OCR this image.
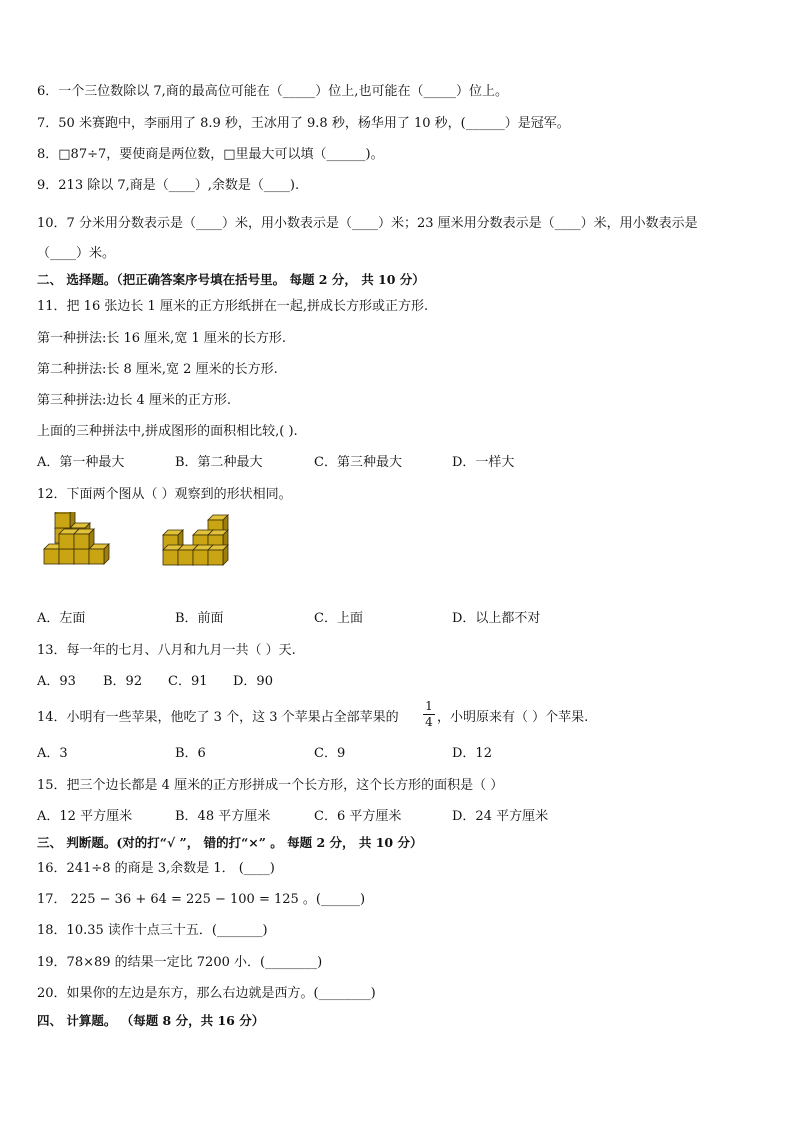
6．一个三位数除以 7,商的最高位可能在（_____）位上,也可能在（_____）位上。
7．50 米赛跑中，李丽用了 8.9 秒，王冰用了 9.8 秒，杨华用了 10 秒，(______）是冠军。
8．□87÷7，要使商是两位数，□里最大可以填（______)。
9．213 除以 7,商是（____）,余数是（____).
10．7 分米用分数表示是（____）米，用小数表示是（____）米；23 厘米用分数表示是（____）米，用小数表示是
（____）米。
二、 选择题。（把正确答案序号填在括号里。 每题 2 分， 共 10 分）
11．把 16 张边长 1 厘米的正方形纸拼在一起,拼成长方形或正方形.
第一种拼法:长 16 厘米,宽 1 厘米的长方形.
第二种拼法:长 8 厘米,宽 2 厘米的长方形.
第三种拼法:边长 4 厘米的正方形.
上面的三种拼法中,拼成图形的面积相比较,( ).
A．第一种最大	B．第二种最大	C．第三种最大	D．一样大
12．下面两个图从（ ）观察到的形状相同。
A．左面	B．前面	C．上面	D．以上都不对
13．每一年的七月、八月和九月一共（ ）天.
A．93 B．92 C．91 D．90
14．小明有一些苹果，他吃了 3 个，这 3 个苹果占全部苹果的
1
4 ，小明原来有（ ）个苹果.
A．3	B．6	C．9	D．12
15．把三个边长都是 4 厘米的正方形拼成一个长方形，这个长方形的面积是（ ）
A．12 平方厘米	B．48 平方厘米	C．6 平方厘米	D．24 平方厘米
三、 判断题。(对的打“√ ”， 错的打“×” 。 每题 2 分， 共 10 分）
16．241÷8 的商是 3,余数是 1． (____)
17． 225 − 36 + 64 = 225 − 100 = 125 。(______)
18．10.35 读作十点三十五．(_______)
19．78×89 的结果一定比 7200 小．(________)
20．如果你的左边是东方，那么右边就是西方。(________)
四、 计算题。 （每题 8 分，共 16 分）
